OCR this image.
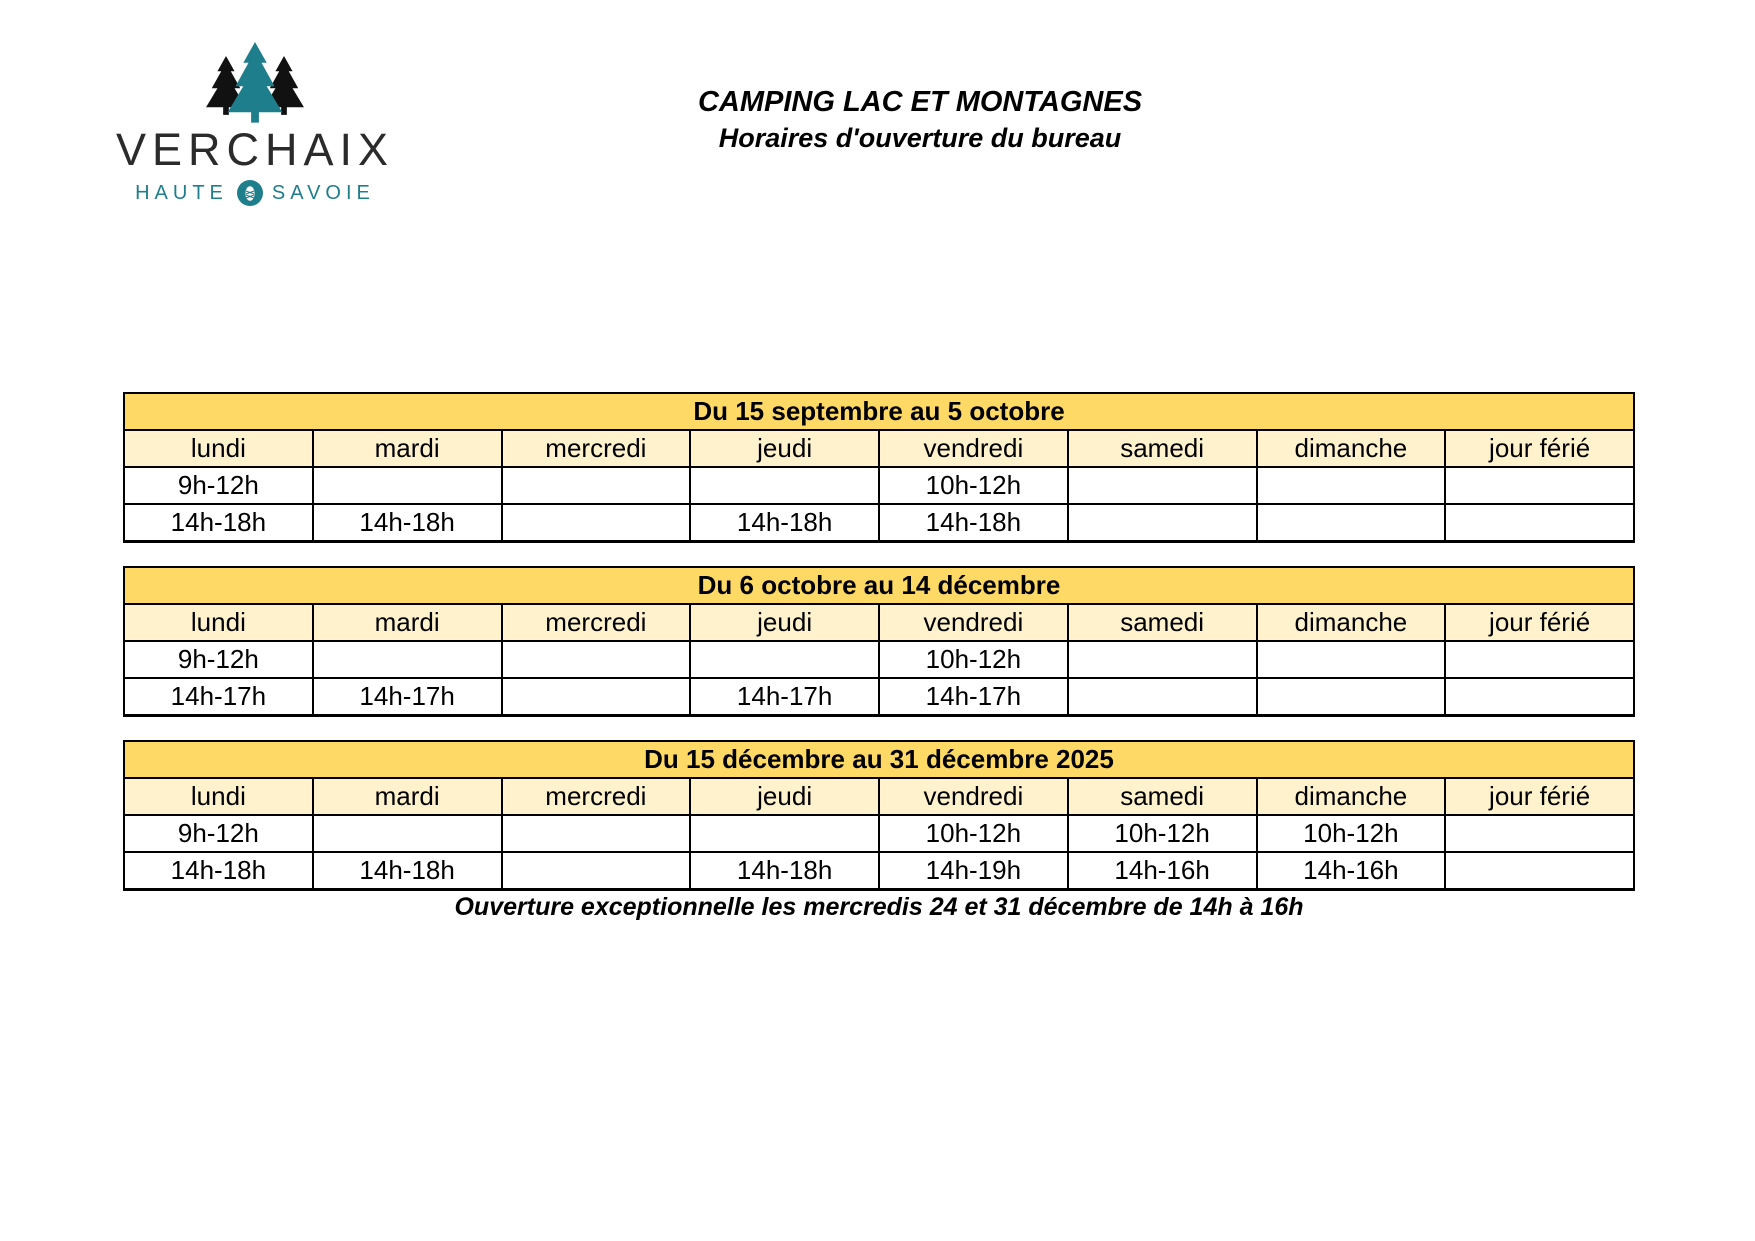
VERCHAIX
HAUTE SAVOIE
CAMPING LAC ET MONTAGNES
Horaires d'ouverture du bureau
Du 15 septembre au 5 octobre							
lundi	mardi	mercredi	jeudi	vendredi	samedi	dimanche	jour férié
9h-12h				10h-12h			
14h-18h	14h-18h		14h-18h	14h-18h			
Du 6 octobre au 14 décembre							
lundi	mardi	mercredi	jeudi	vendredi	samedi	dimanche	jour férié
9h-12h				10h-12h			
14h-17h	14h-17h		14h-17h	14h-17h			
Du 15 décembre au 31 décembre 2025							
lundi	mardi	mercredi	jeudi	vendredi	samedi	dimanche	jour férié
9h-12h				10h-12h	10h-12h	10h-12h	
14h-18h	14h-18h		14h-18h	14h-19h	14h-16h	14h-16h	
Ouverture exceptionnelle les mercredis 24 et 31 décembre de 14h à 16h
